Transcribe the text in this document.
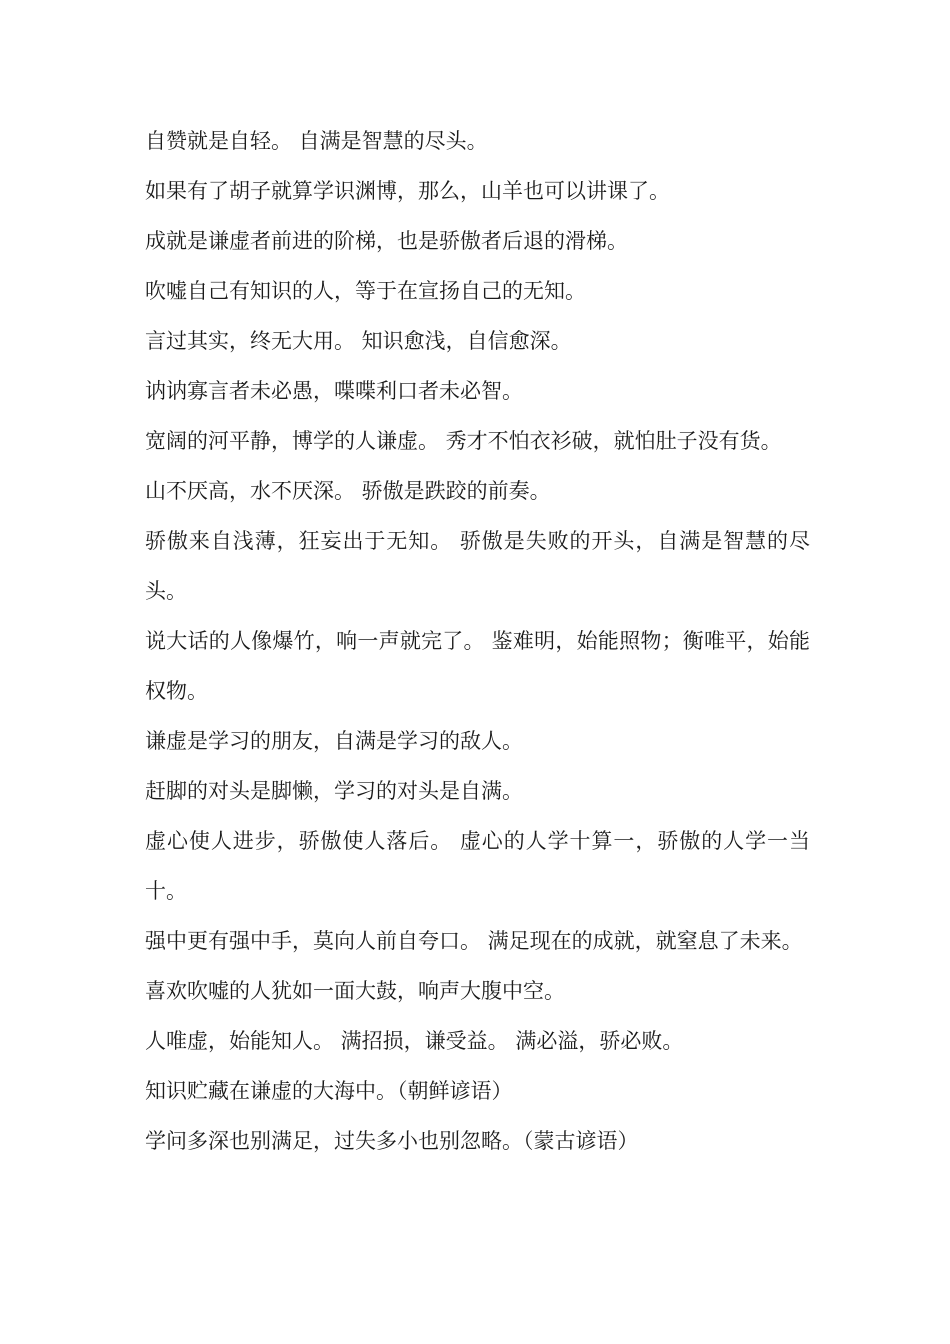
自赞就是自轻。 自满是智慧的尽头。

如果有了胡子就算学识渊博，那么，山羊也可以讲课了。

成就是谦虚者前进的阶梯，也是骄傲者后退的滑梯。

吹嘘自己有知识的人，等于在宣扬自己的无知。

言过其实，终无大用。 知识愈浅，自信愈深。

讷讷寡言者未必愚，喋喋利口者未必智。

宽阔的河平静，博学的人谦虚。 秀才不怕衣衫破，就怕肚子没有货。

山不厌高，水不厌深。 骄傲是跌跤的前奏。

骄傲来自浅薄，狂妄出于无知。 骄傲是失败的开头，自满是智慧的尽头。

说大话的人像爆竹，响一声就完了。 鉴难明，始能照物；衡唯平，始能权物。

谦虚是学习的朋友，自满是学习的敌人。

赶脚的对头是脚懒，学习的对头是自满。

虚心使人进步，骄傲使人落后。 虚心的人学十算一，骄傲的人学一当十。

强中更有强中手，莫向人前自夸口。 满足现在的成就，就窒息了未来。

喜欢吹嘘的人犹如一面大鼓，响声大腹中空。

人唯虚，始能知人。 满招损，谦受益。 满必溢，骄必败。

知识贮藏在谦虚的大海中。（朝鲜谚语）

学问多深也别满足，过失多小也别忽略。（蒙古谚语）
